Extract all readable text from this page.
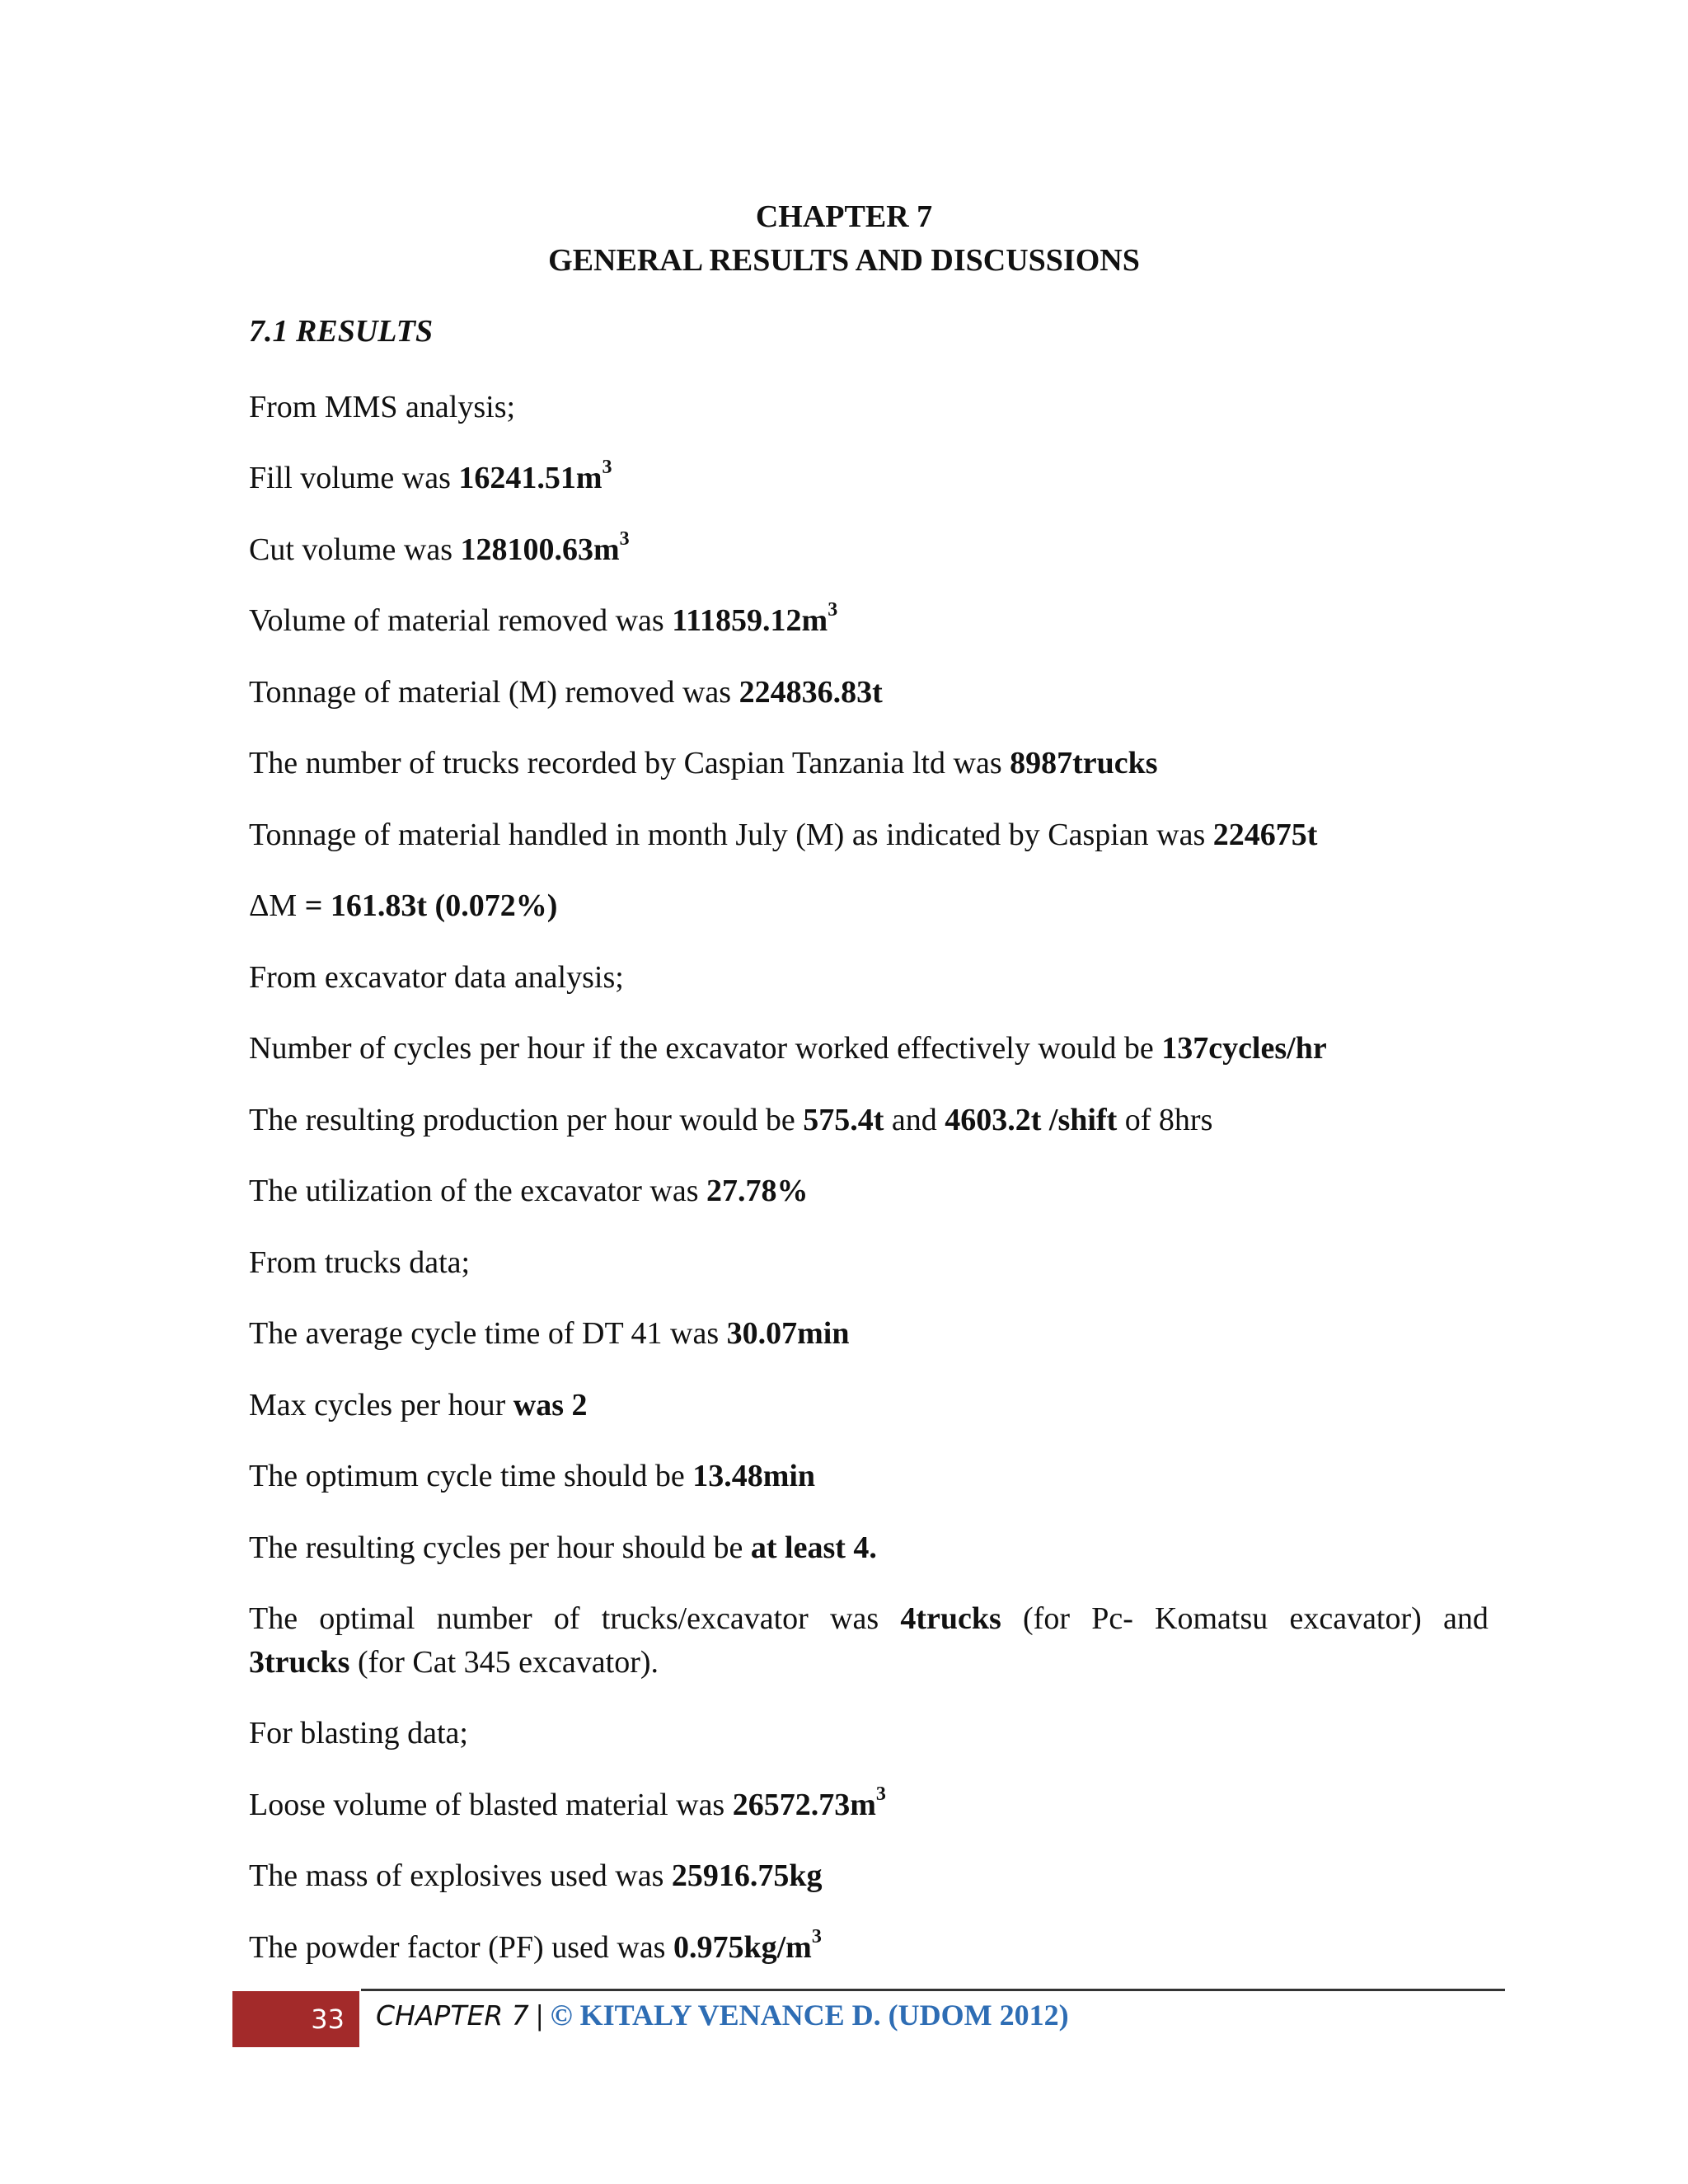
CHAPTER 7
GENERAL RESULTS AND DISCUSSIONS
7.1 RESULTS
From MMS analysis;
Fill volume was $16241.51m^3$
Cut volume was $128100.63m^3$
Volume of material removed was $111859.12m^3$
Tonnage of material (M) removed was 224836.83t
The number of trucks recorded by Caspian Tanzania ltd was 8987trucks
Tonnage of material handled in month July (M) as indicated by Caspian was 224675t
ΔM = 161.83t (0.072%)
From excavator data analysis;
Number of cycles per hour if the excavator worked effectively would be 137cycles/hr
The resulting production per hour would be 575.4t and 4603.2t /shift of 8hrs
The utilization of the excavator was 27.78%
From trucks data;
The average cycle time of DT 41 was 30.07min
Max cycles per hour was 2
The optimum cycle time should be 13.48min
The resulting cycles per hour should be at least 4.
The optimal number of trucks/excavator was 4trucks (for Pc- Komatsu excavator) and
3trucks (for Cat 345 excavator).
For blasting data;
Loose volume of blasted material was $26572.73m^3$
The mass of explosives used was 25916.75kg
The powder factor (PF) used was $0.975kg/m^3$
33 CHAPTER 7 | © KITALY VENANCE D. (UDOM 2012)
